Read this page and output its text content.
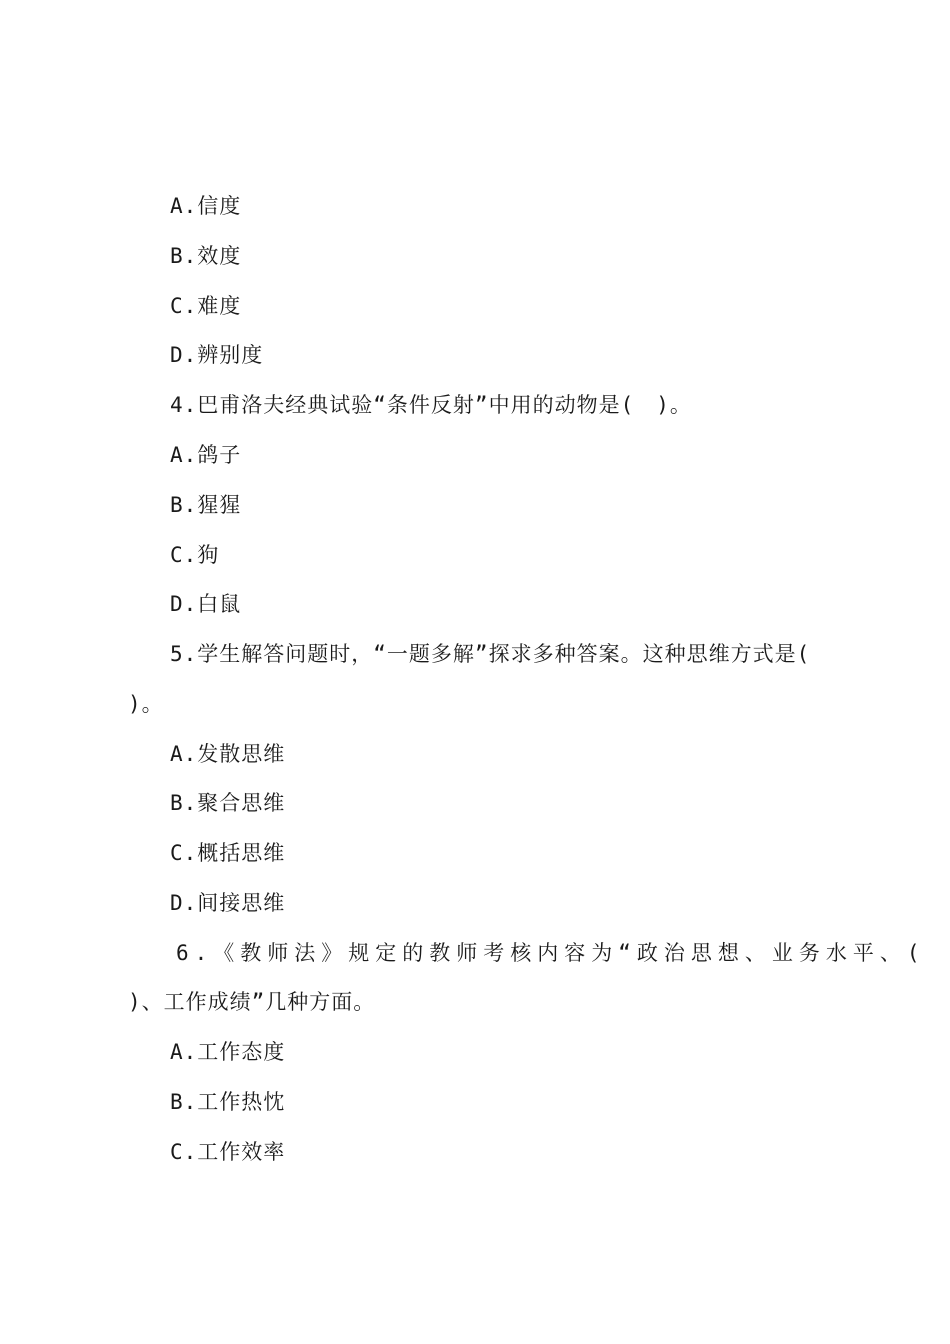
A.信度
B.效度
C.难度
D.辨别度
4.巴甫洛夫经典试验“条件反射”中用的动物是(　)。
A.鸽子
B.猩猩
C.狗
D.白鼠
5.学生解答问题时，“一题多解”探求多种答案。这种思维方式是(
)。
A.发散思维
B.聚合思维
C.概括思维
D.间接思维
6.《教师法》规定的教师考核内容为“政治思想、业务水平、(
)、工作成绩”几种方面。
A.工作态度
B.工作热忱
C.工作效率
